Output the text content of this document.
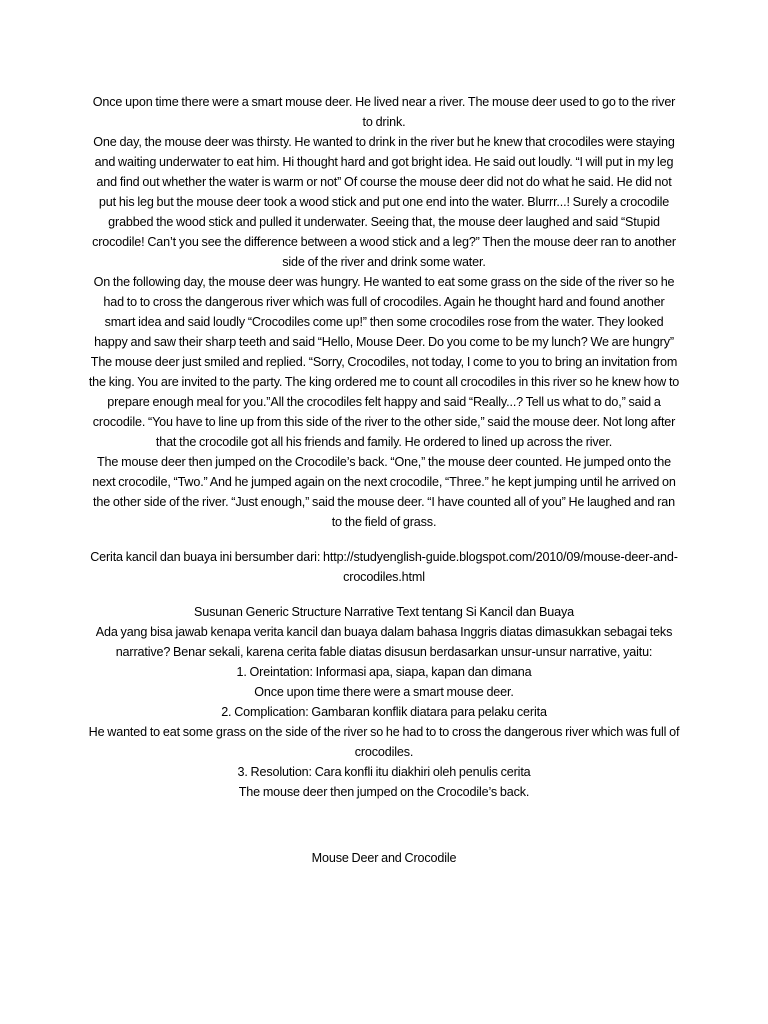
Once upon time there were a smart mouse deer. He lived near a river. The mouse deer used to go to the river to drink.

One day, the mouse deer was thirsty. He wanted to drink in the river but he knew that crocodiles were staying and waiting underwater to eat him. Hi thought hard and got bright idea. He said out loudly. “I will put in my leg and find out whether the water is warm or not” Of course the mouse deer did not do what he said. He did not put his leg but the mouse deer took a wood stick and put one end into the water. Blurrr...! Surely a crocodile grabbed the wood stick and pulled it underwater. Seeing that, the mouse deer laughed and said “Stupid crocodile! Can’t you see the difference between a wood stick and a leg?” Then the mouse deer ran to another side of the river and drink some water.

On the following day, the mouse deer was hungry. He wanted to eat some grass on the side of the river so he had to to cross the dangerous river which was full of crocodiles. Again he thought hard and found another smart idea and said loudly “Crocodiles come up!” then some crocodiles rose from the water. They looked happy and saw their sharp teeth and said “Hello, Mouse Deer. Do you come to be my lunch? We are hungry” The mouse deer just smiled and replied. “Sorry, Crocodiles, not today, I come to you to bring an invitation from the king. You are invited to the party. The king ordered me to count all crocodiles in this river so he knew how to prepare enough meal for you.”All the crocodiles felt happy and said “Really...? Tell us what to do,” said a crocodile. “You have to line up from this side of the river to the other side,” said the mouse deer. Not long after that the crocodile got all his friends and family. He ordered to lined up across the river.

The mouse deer then jumped on the Crocodile’s back. “One,” the mouse deer counted. He jumped onto the next crocodile, “Two.” And he jumped again on the next crocodile, “Three.” he kept jumping until he arrived on the other side of the river. “Just enough,” said the mouse deer. “I have counted all of you” He laughed and ran to the field of grass.

Cerita kancil dan buaya ini bersumber dari: http://studyenglish-guide.blogspot.com/2010/09/mouse-deer-and-crocodiles.html

Susunan Generic Structure Narrative Text tentang Si Kancil dan Buaya

Ada yang bisa jawab kenapa verita kancil dan buaya dalam bahasa Inggris diatas dimasukkan sebagai teks narrative? Benar sekali, karena cerita fable diatas disusun berdasarkan unsur-unsur narrative, yaitu:

1. Oreintation: Informasi apa, siapa, kapan dan dimana

Once upon time there were a smart mouse deer.

2. Complication: Gambaran konflik diatara para pelaku cerita

He wanted to eat some grass on the side of the river so he had to to cross the dangerous river which was full of crocodiles.

3. Resolution: Cara konfli itu diakhiri oleh penulis cerita

The mouse deer then jumped on the Crocodile’s back.

Mouse Deer and Crocodile
